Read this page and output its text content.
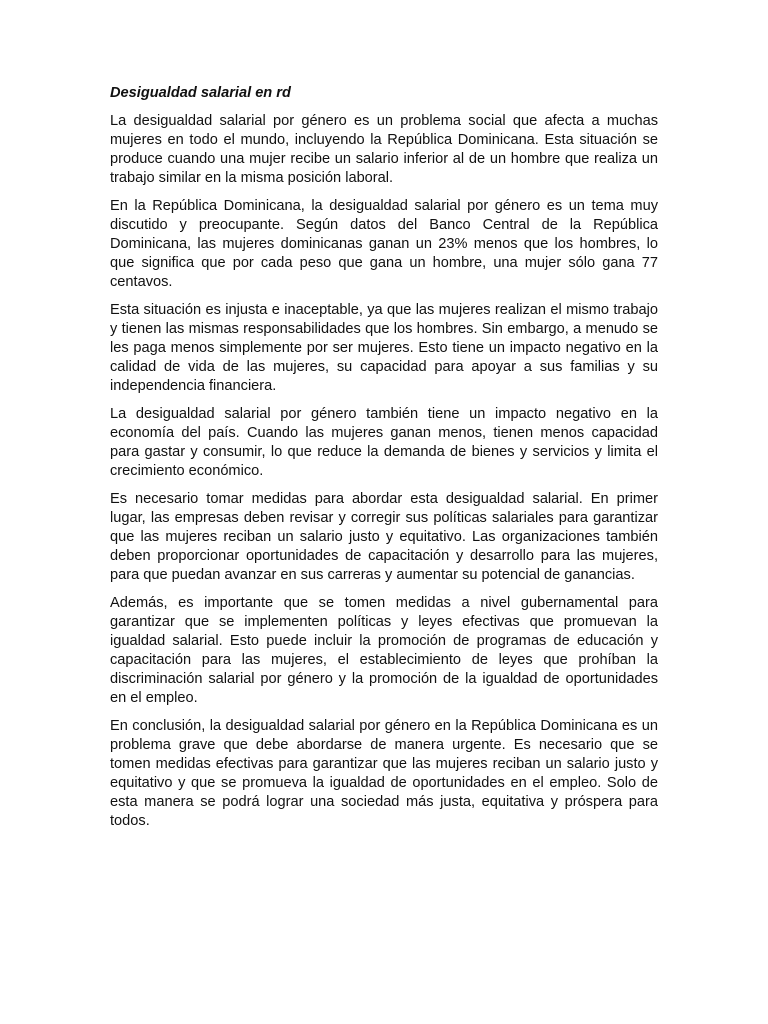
Desigualdad salarial en rd

La desigualdad salarial por género es un problema social que afecta a muchas mujeres en todo el mundo, incluyendo la República Dominicana. Esta situación se produce cuando una mujer recibe un salario inferior al de un hombre que realiza un trabajo similar en la misma posición laboral.

En la República Dominicana, la desigualdad salarial por género es un tema muy discutido y preocupante. Según datos del Banco Central de la República Dominicana, las mujeres dominicanas ganan un 23% menos que los hombres, lo que significa que por cada peso que gana un hombre, una mujer sólo gana 77 centavos.

Esta situación es injusta e inaceptable, ya que las mujeres realizan el mismo trabajo y tienen las mismas responsabilidades que los hombres. Sin embargo, a menudo se les paga menos simplemente por ser mujeres. Esto tiene un impacto negativo en la calidad de vida de las mujeres, su capacidad para apoyar a sus familias y su independencia financiera.

La desigualdad salarial por género también tiene un impacto negativo en la economía del país. Cuando las mujeres ganan menos, tienen menos capacidad para gastar y consumir, lo que reduce la demanda de bienes y servicios y limita el crecimiento económico.

Es necesario tomar medidas para abordar esta desigualdad salarial. En primer lugar, las empresas deben revisar y corregir sus políticas salariales para garantizar que las mujeres reciban un salario justo y equitativo. Las organizaciones también deben proporcionar oportunidades de capacitación y desarrollo para las mujeres, para que puedan avanzar en sus carreras y aumentar su potencial de ganancias.

Además, es importante que se tomen medidas a nivel gubernamental para garantizar que se implementen políticas y leyes efectivas que promuevan la igualdad salarial. Esto puede incluir la promoción de programas de educación y capacitación para las mujeres, el establecimiento de leyes que prohíban la discriminación salarial por género y la promoción de la igualdad de oportunidades en el empleo.

En conclusión, la desigualdad salarial por género en la República Dominicana es un problema grave que debe abordarse de manera urgente. Es necesario que se tomen medidas efectivas para garantizar que las mujeres reciban un salario justo y equitativo y que se promueva la igualdad de oportunidades en el empleo. Solo de esta manera se podrá lograr una sociedad más justa, equitativa y próspera para todos.
